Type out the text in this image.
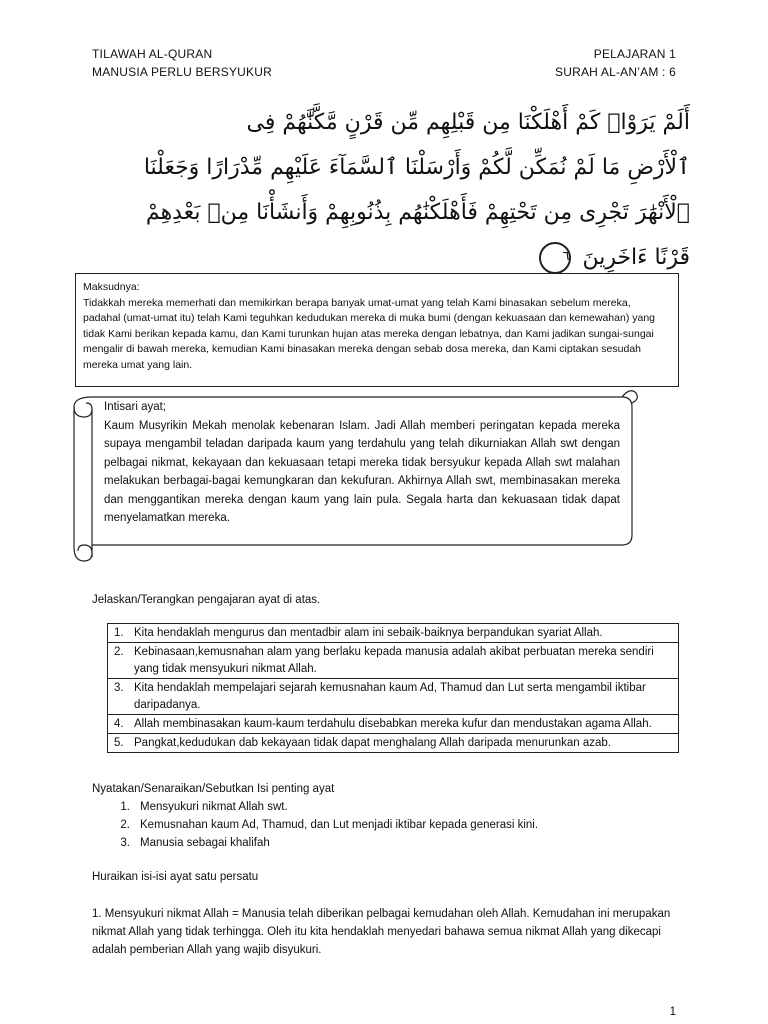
TILAWAH AL-QURAN
MANUSIA PERLU BERSYUKUR
PELAJARAN 1
SURAH AL-AN’AM : 6
أَلَمْ يَرَوْا۟ كَمْ أَهْلَكْنَا مِن قَبْلِهِم مِّن قَرْنٍ مَّكَّنَّٰهُمْ فِى
ٱلْأَرْضِ مَا لَمْ نُمَكِّن لَّكُمْ وَأَرْسَلْنَا ٱلسَّمَآءَ عَلَيْهِم مِّدْرَارًا وَجَعَلْنَا
ٱلْأَنْهَٰرَ تَجْرِى مِن تَحْتِهِمْ فَأَهْلَكْنَٰهُم بِذُنُوبِهِمْ وَأَنشَأْنَا مِنۢ بَعْدِهِمْ
قَرْنًا ءَاخَرِينَ ٦
Maksudnya:
Tidakkah mereka memerhati dan memikirkan berapa banyak umat-umat yang telah Kami binasakan sebelum mereka, padahal (umat-umat itu) telah Kami teguhkan kedudukan mereka di muka bumi (dengan kekuasaan dan kemewahan) yang tidak Kami berikan kepada kamu, dan Kami turunkan hujan atas mereka dengan lebatnya, dan Kami jadikan sungai-sungai mengalir di bawah mereka, kemudian Kami binasakan mereka dengan sebab dosa mereka, dan Kami ciptakan sesudah mereka umat yang lain.
Intisari ayat;
Kaum Musyrikin Mekah menolak kebenaran Islam. Jadi Allah memberi peringatan kepada mereka supaya mengambil teladan daripada kaum yang terdahulu yang telah dikurniakan Allah swt dengan pelbagai nikmat, kekayaan dan kekuasaan tetapi mereka tidak bersyukur kepada Allah swt malahan melakukan berbagai-bagai kemungkaran dan kekufuran. Akhirnya Allah swt, membinasakan mereka dan menggantikan mereka dengan kaum yang lain pula. Segala harta dan kekuasaan tidak dapat menyelamatkan mereka.
Jelaskan/Terangkan pengajaran ayat di atas.
1.	Kita hendaklah mengurus dan mentadbir alam ini sebaik-baiknya berpandukan syariat Allah.
2.	Kebinasaan,kemusnahan alam yang berlaku kepada manusia adalah akibat perbuatan mereka sendiri yang tidak mensyukuri nikmat Allah.
3.	Kita hendaklah mempelajari sejarah kemusnahan kaum Ad, Thamud dan Lut serta mengambil iktibar daripadanya.
4.	Allah membinasakan kaum-kaum terdahulu disebabkan mereka kufur dan mendustakan agama Allah.
5.	Pangkat,kedudukan dab kekayaan tidak dapat menghalang Allah daripada menurunkan azab.
Nyatakan/Senaraikan/Sebutkan Isi penting ayat
1. Mensyukuri nikmat Allah swt.
2. Kemusnahan kaum Ad, Thamud, dan Lut menjadi iktibar kepada generasi kini.
3. Manusia sebagai khalifah
Huraikan isi-isi ayat satu persatu
1. Mensyukuri nikmat Allah = Manusia telah diberikan pelbagai kemudahan oleh Allah. Kemudahan ini merupakan nikmat Allah yang tidak terhingga. Oleh itu kita hendaklah menyedari bahawa semua nikmat Allah yang dikecapi adalah pemberian Allah yang wajib disyukuri.
1
